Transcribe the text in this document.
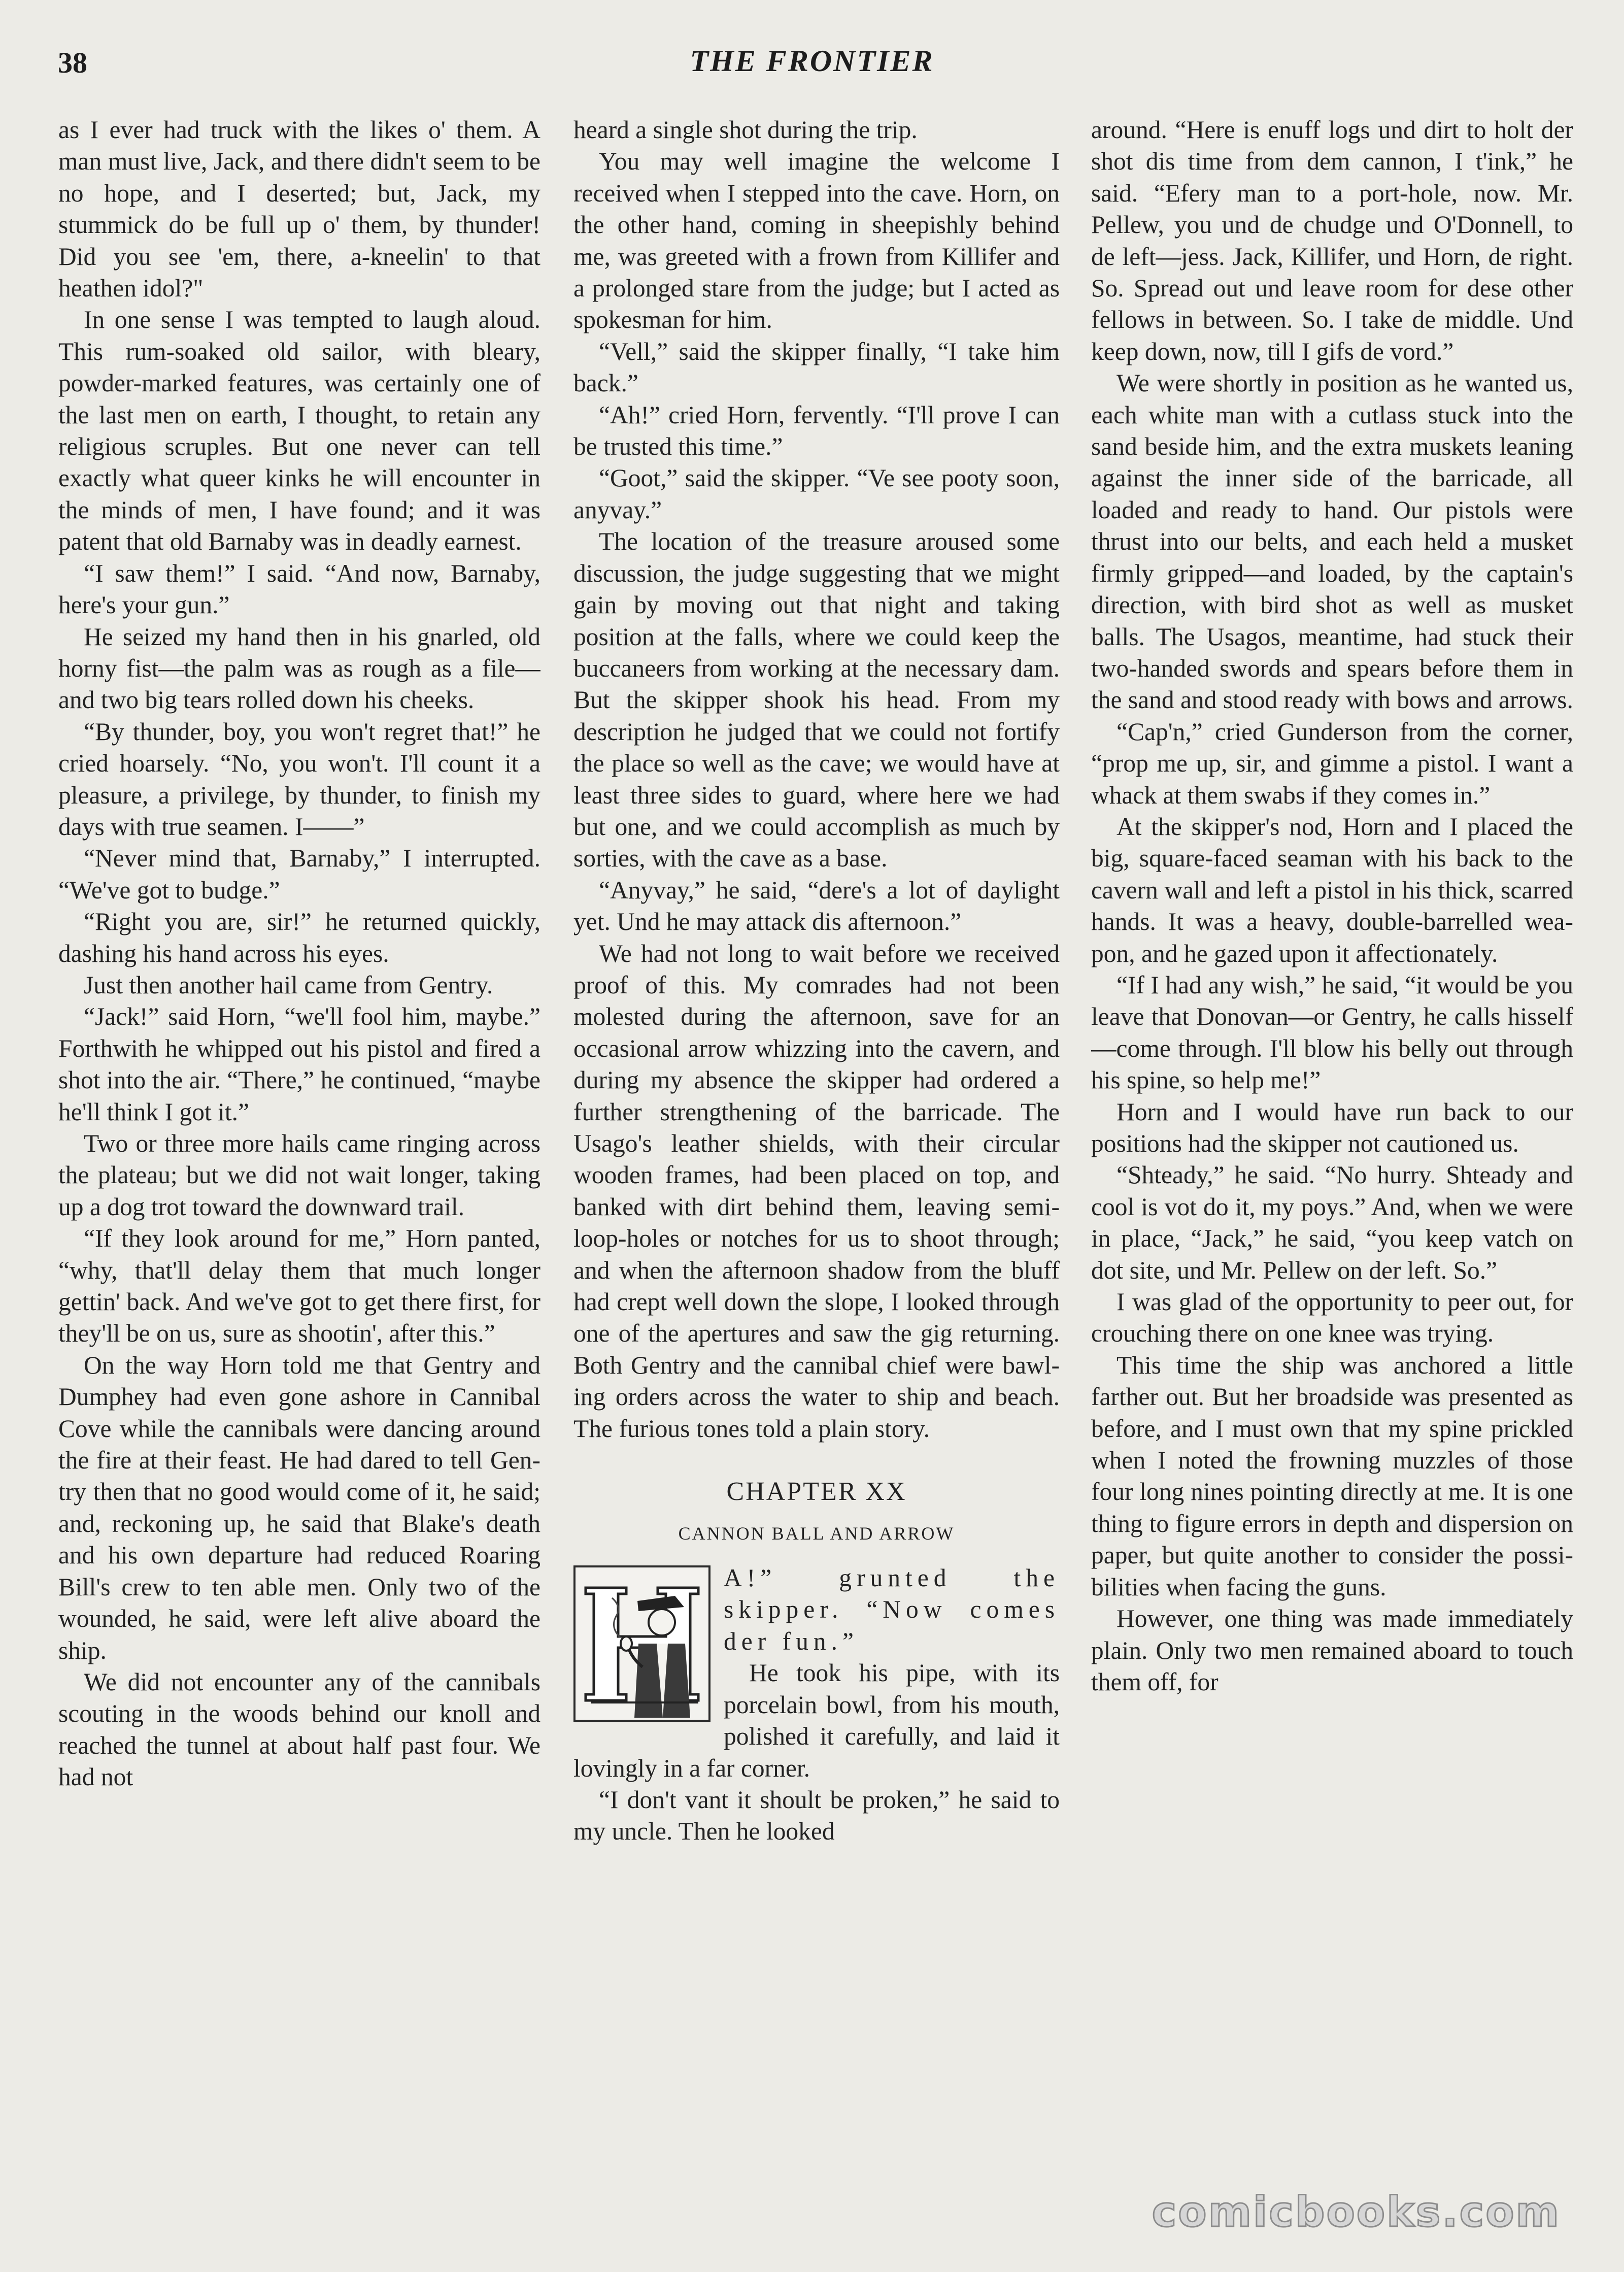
38	THE FRONTIER

as I ever had truck with the likes o' them. A man must live, Jack, and there didn't seem to be no hope, and I deserted; but, Jack, my stummick do be full up o' them, by thunder! Did you see 'em, there, a-kneelin' to that heathen idol?"

In one sense I was tempted to laugh aloud. This rum-soaked old sailor, with bleary, powder-marked features, was certainly one of the last men on earth, I thought, to retain any religious scruples. But one never can tell exactly what queer kinks he will encounter in the minds of men, I have found; and it was patent that old Barnaby was in deadly earnest.

“I saw them!” I said. “And now, Barnaby, here's your gun.”

He seized my hand then in his gnarled, old horny fist—the palm was as rough as a file—and two big tears rolled down his cheeks.

“By thunder, boy, you won't regret that!” he cried hoarsely. “No, you won't. I'll count it a pleasure, a privilege, by thunder, to finish my days with true seamen. I——”

“Never mind that, Barnaby,” I interrupted. “We've got to budge.”

“Right you are, sir!” he returned quickly, dashing his hand across his eyes.

Just then another hail came from Gentry.

“Jack!” said Horn, “we'll fool him, maybe.” Forthwith he whipped out his pistol and fired a shot into the air. “There,” he continued, “maybe he'll think I got it.”

Two or three more hails came ringing across the plateau; but we did not wait longer, taking up a dog trot toward the downward trail.

“If they look around for me,” Horn panted, “why, that'll delay them that much longer gettin' back. And we've got to get there first, for they'll be on us, sure as shootin', after this.”

On the way Horn told me that Gentry and Dumphey had even gone ashore in Cannibal Cove while the cannibals were dancing around the fire at their feast. He had dared to tell Gentry then that no good would come of it, he said; and, reckoning up, he said that Blake's death and his own departure had reduced Roaring Bill's crew to ten able men. Only two of the wounded, he said, were left alive aboard the ship.

We did not encounter any of the cannibals scouting in the woods behind our knoll and reached the tunnel at about half past four. We had not

heard a single shot during the trip.

You may well imagine the welcome I received when I stepped into the cave. Horn, on the other hand, coming in sheepishly behind me, was greeted with a frown from Killifer and a prolonged stare from the judge; but I acted as spokesman for him.

“Vell,” said the skipper finally, “I take him back.”

“Ah!” cried Horn, fervently. “I'll prove I can be trusted this time.”

“Goot,” said the skipper. “Ve see pooty soon, anyvay.”

The location of the treasure aroused some discussion, the judge suggesting that we might gain by moving out that night and taking position at the falls, where we could keep the buccaneers from working at the necessary dam. But the skipper shook his head. From my description he judged that we could not fortify the place so well as the cave; we would have at least three sides to guard, where here we had but one, and we could accomplish as much by sorties, with the cave as a base.

“Anyvay,” he said, “dere's a lot of daylight yet. Und he may attack dis afternoon.”

We had not long to wait before we received proof of this. My comrades had not been molested during the afternoon, save for an occasional arrow whizzing into the cavern, and during my absence the skipper had ordered a further strengthening of the barricade. The Usago's leather shields, with their circular wooden frames, had been placed on top, and banked with dirt behind them, leaving semi-loop-holes or notches for us to shoot through; and when the afternoon shadow from the bluff had crept well down the slope, I looked through one of the apertures and saw the gig returning. Both Gentry and the cannibal chief were bawling orders across the water to ship and beach. The furious tones told a plain story.

CHAPTER XX
CANNON BALL AND ARROW

A!” grunted the skipper. “Now comes der fun.”

He took his pipe, with its porcelain bowl, from his mouth, polished it carefully, and laid it lovingly in a far corner.

“I don't vant it shoult be proken,” he said to my uncle. Then he looked

around. “Here is enuff logs und dirt to holt der shot dis time from dem cannon, I t'ink,” he said. “Efery man to a port-hole, now. Mr. Pellew, you und de chudge und O'Donnell, to de left—jess. Jack, Killifer, und Horn, de right. So. Spread out und leave room for dese other fellows in between. So. I take de middle. Und keep down, now, till I gifs de vord.”

We were shortly in position as he wanted us, each white man with a cutlass stuck into the sand beside him, and the extra muskets leaning against the inner side of the barricade, all loaded and ready to hand. Our pistols were thrust into our belts, and each held a musket firmly gripped—and loaded, by the captain's direction, with bird shot as well as musket balls. The Usagos, meantime, had stuck their two-handed swords and spears before them in the sand and stood ready with bows and arrows.

“Cap'n,” cried Gunderson from the corner, “prop me up, sir, and gimme a pistol. I want a whack at them swabs if they comes in.”

At the skipper's nod, Horn and I placed the big, square-faced seaman with his back to the cavern wall and left a pistol in his thick, scarred hands. It was a heavy, double-barrelled weapon, and he gazed upon it affectionately.

“If I had any wish,” he said, “it would be you leave that Donovan—or Gentry, he calls hisself—come through. I'll blow his belly out through his spine, so help me!”

Horn and I would have run back to our positions had the skipper not cautioned us.

“Shteady,” he said. “No hurry. Shteady and cool is vot do it, my poys.” And, when we were in place, “Jack,” he said, “you keep vatch on dot site, und Mr. Pellew on der left. So.”

I was glad of the opportunity to peer out, for crouching there on one knee was trying.

This time the ship was anchored a little farther out. But her broadside was presented as before, and I must own that my spine prickled when I noted the frowning muzzles of those four long nines pointing directly at me. It is one thing to figure errors in depth and dispersion on paper, but quite another to consider the possibilities when facing the guns.

However, one thing was made immediately plain. Only two men remained aboard to touch them off, for

comicbooks.com
